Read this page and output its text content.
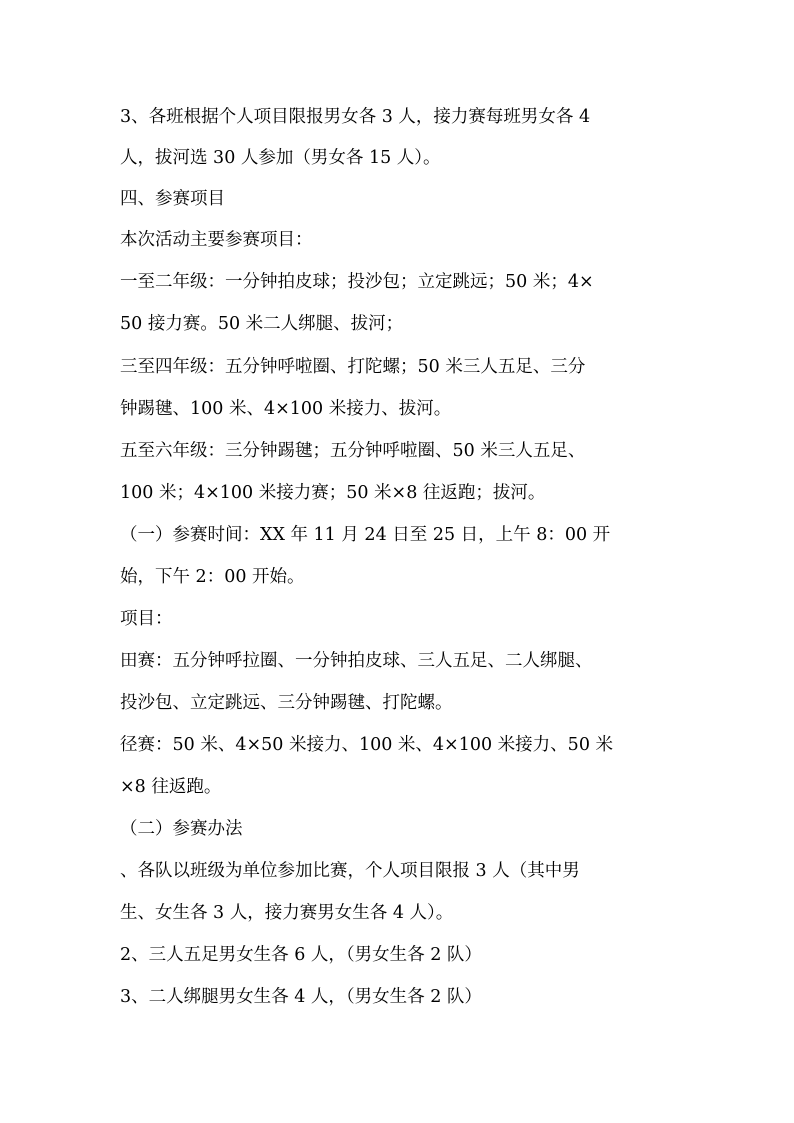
3、各班根据个人项目限报男女各 3 人，接力赛每班男女各 4

人，拔河选 30 人参加（男女各 15 人）。

四、参赛项目

本次活动主要参赛项目：

一至二年级：一分钟拍皮球；投沙包；立定跳远；50 米；4×

50 接力赛。50 米二人绑腿、拔河；

三至四年级：五分钟呼啦圈、打陀螺；50 米三人五足、三分

钟踢毽、100 米、4×100 米接力、拔河。

五至六年级：三分钟踢毽；五分钟呼啦圈、50 米三人五足、

100 米；4×100 米接力赛；50 米×8 往返跑；拔河。

（一）参赛时间：XX 年 11 月 24 日至 25 日，上午 8：00 开

始，下午 2：00 开始。

项目：

田赛：五分钟呼拉圈、一分钟拍皮球、三人五足、二人绑腿、

投沙包、立定跳远、三分钟踢毽、打陀螺。

径赛：50 米、4×50 米接力、100 米、4×100 米接力、50 米

×8 往返跑。

（二）参赛办法

、各队以班级为单位参加比赛，个人项目限报 3 人（其中男

生、女生各 3 人，接力赛男女生各 4 人）。

2、三人五足男女生各 6 人，（男女生各 2 队）

3、二人绑腿男女生各 4 人，（男女生各 2 队）
